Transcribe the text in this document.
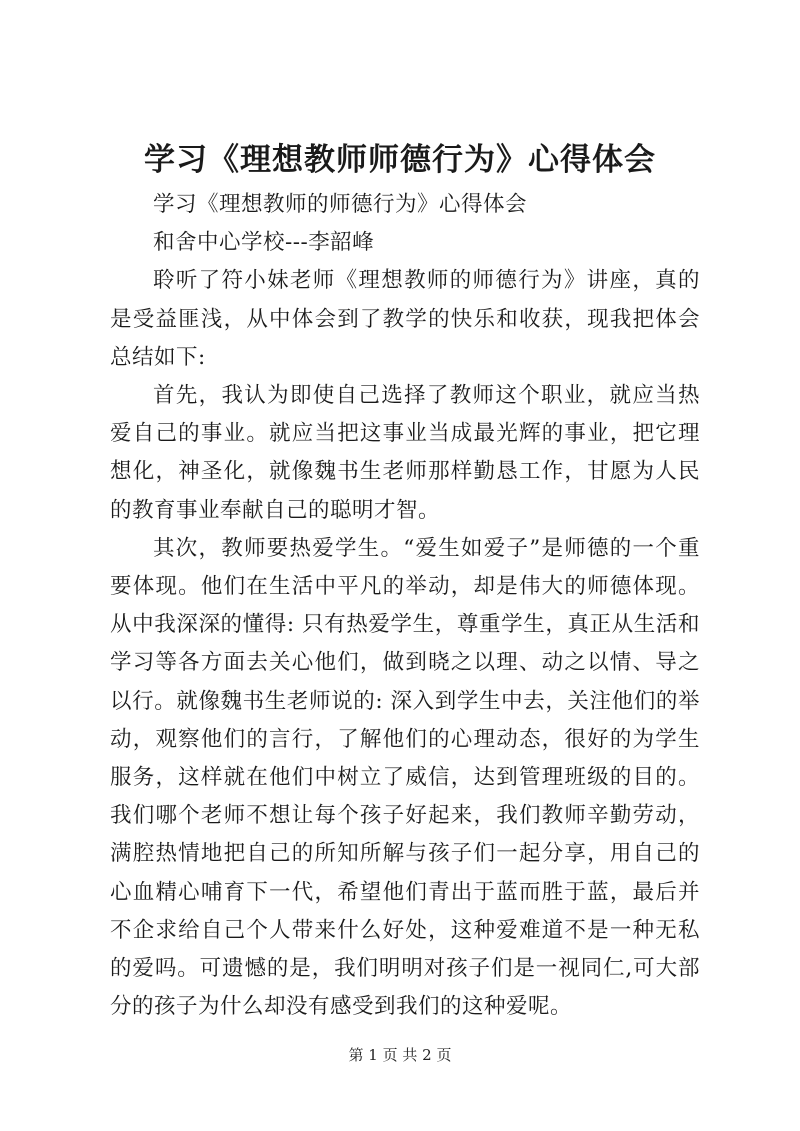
学习《理想教师师德行为》心得体会

学习《理想教师的师德行为》心得体会

和舍中心学校---李韶峰

聆听了符小妹老师《理想教师的师德行为》讲座，真的是受益匪浅，从中体会到了教学的快乐和收获，现我把体会总结如下:

首先，我认为即使自己选择了教师这个职业，就应当热爱自己的事业。就应当把这事业当成最光辉的事业，把它理想化，神圣化，就像魏书生老师那样勤恳工作，甘愿为人民的教育事业奉献自己的聪明才智。

其次，教师要热爱学生。“爱生如爱子”是师德的一个重要体现。他们在生活中平凡的举动，却是伟大的师德体现。从中我深深的懂得: 只有热爱学生，尊重学生，真正从生活和学习等各方面去关心他们，做到晓之以理、动之以情、导之以行。就像魏书生老师说的: 深入到学生中去，关注他们的举动，观察他们的言行，了解他们的心理动态，很好的为学生服务，这样就在他们中树立了威信，达到管理班级的目的。我们哪个老师不想让每个孩子好起来，我们教师辛勤劳动，满腔热情地把自己的所知所解与孩子们一起分享，用自己的心血精心哺育下一代，希望他们青出于蓝而胜于蓝，最后并不企求给自己个人带来什么好处，这种爱难道不是一种无私的爱吗。可遗憾的是，我们明明对孩子们是一视同仁,可大部分的孩子为什么却没有感受到我们的这种爱呢。

第 1 页 共 2 页
